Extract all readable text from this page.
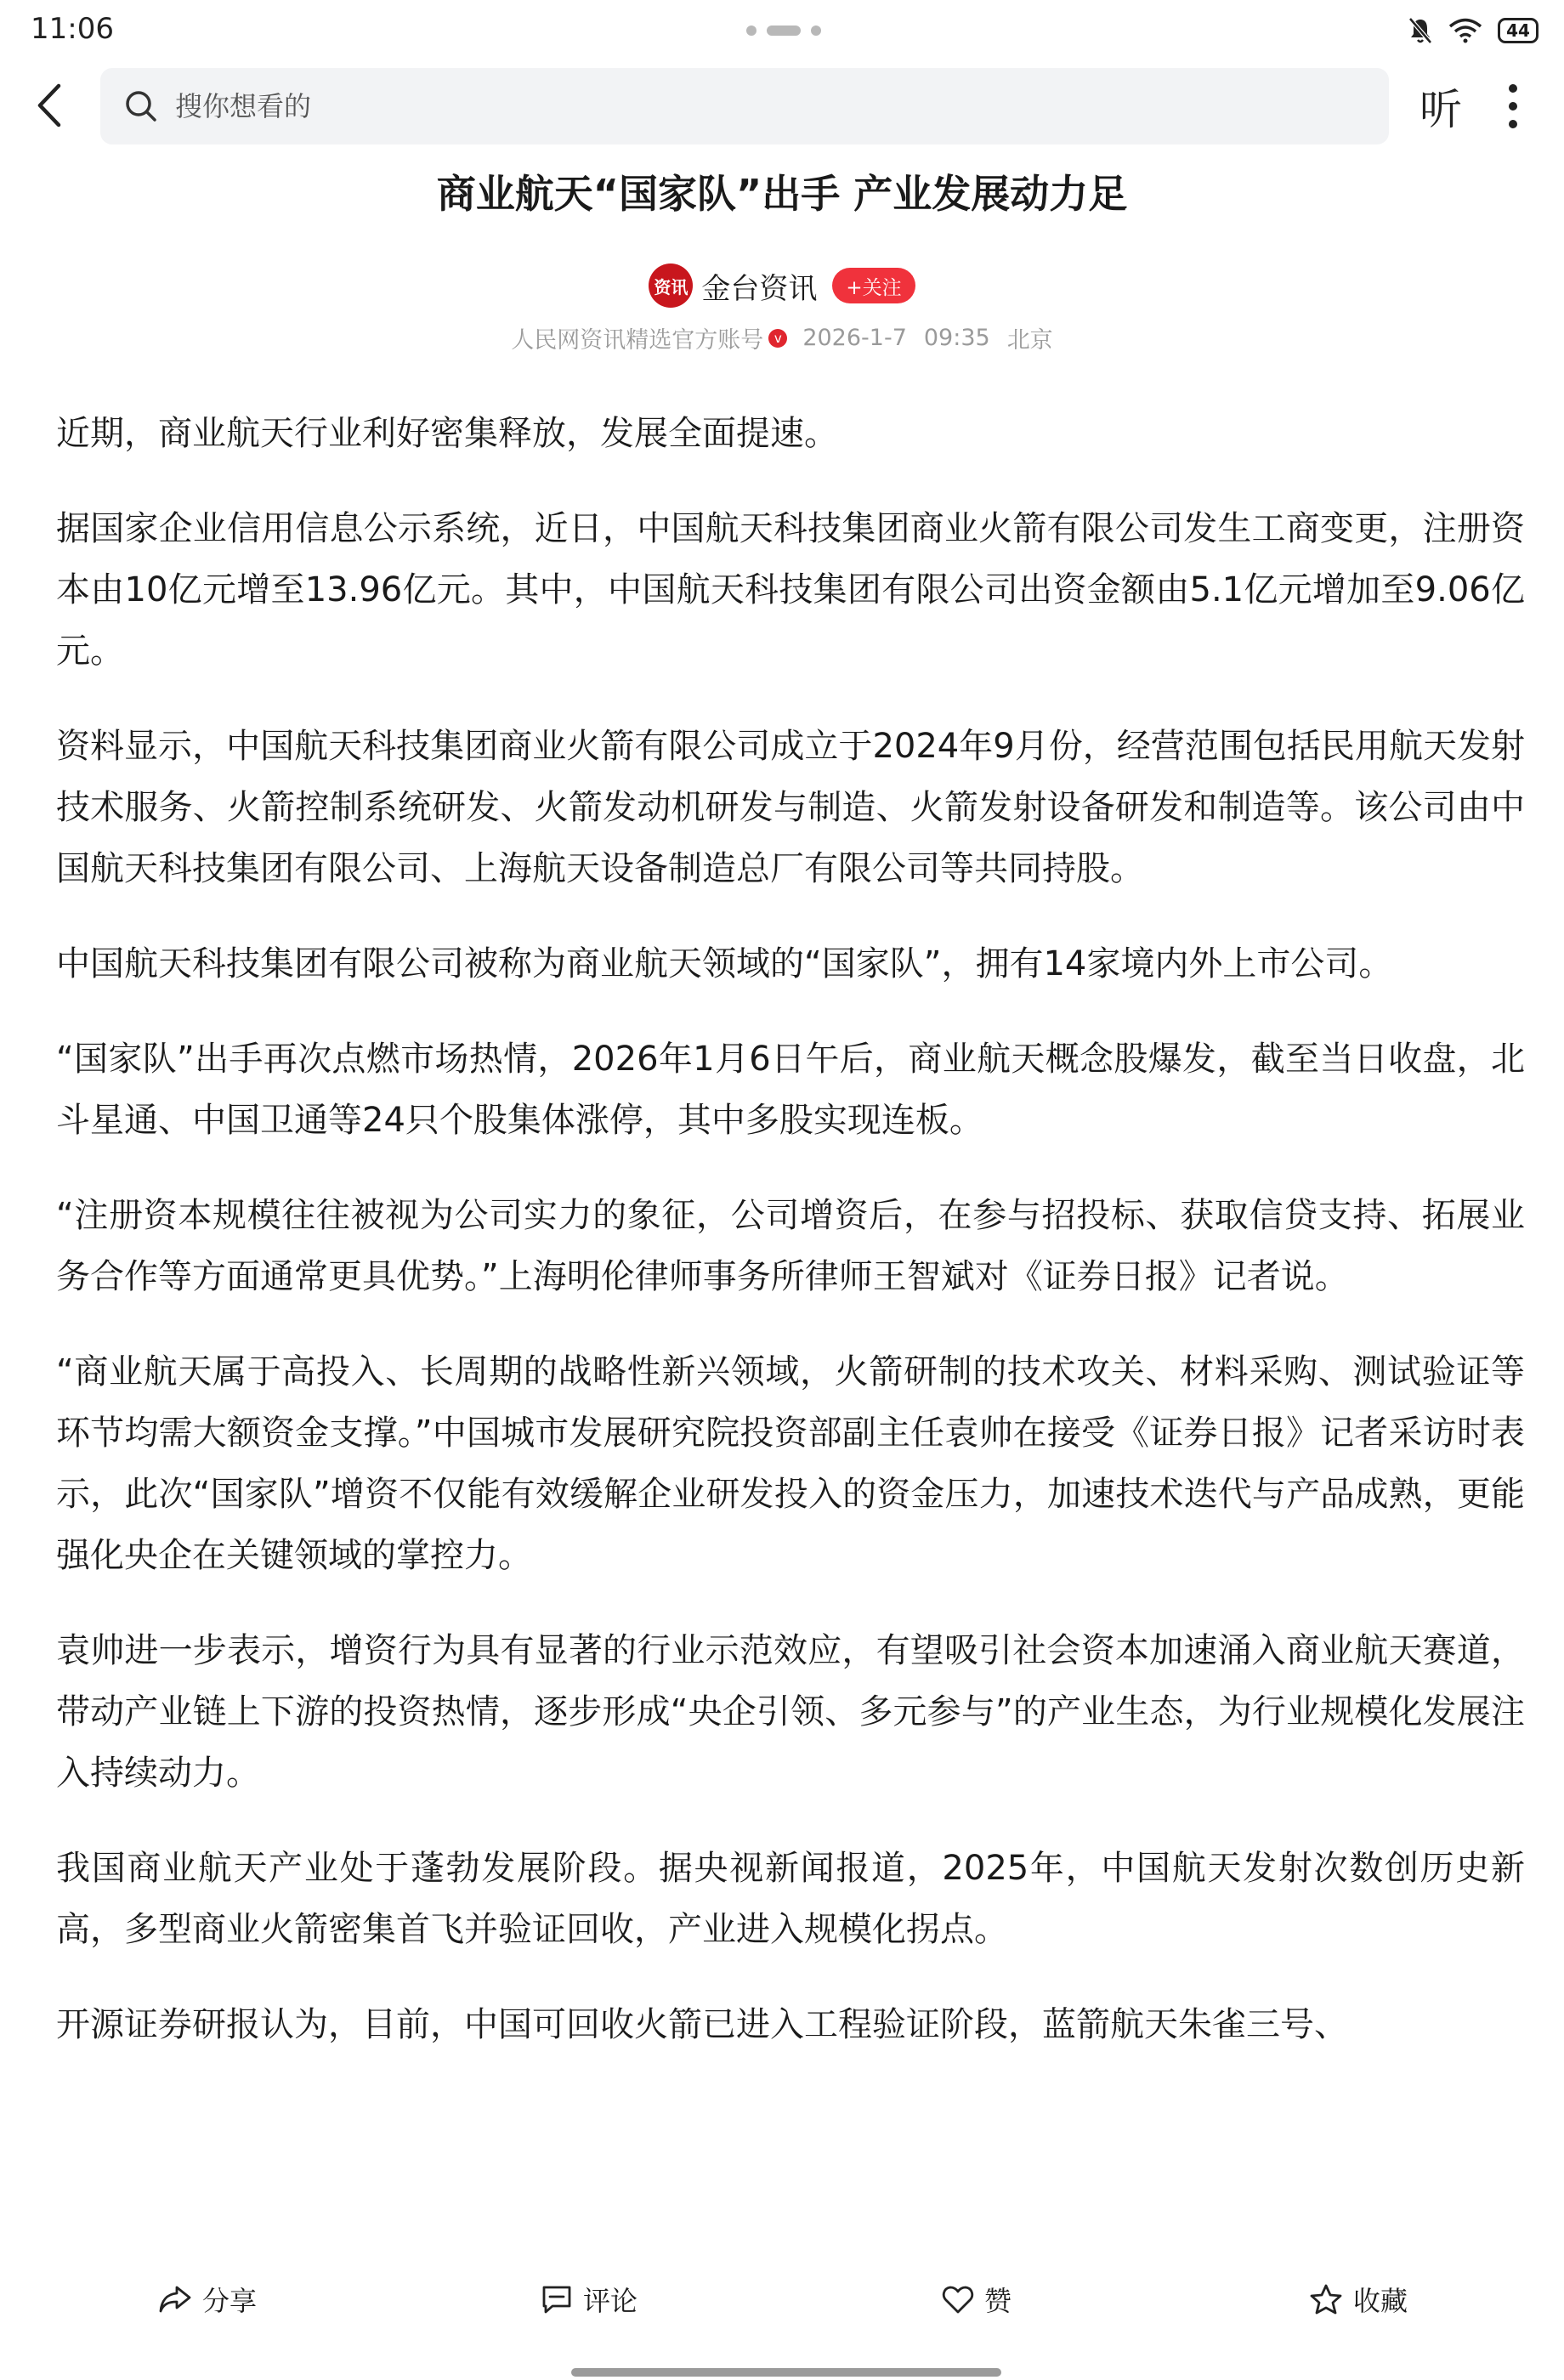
11:06	44
搜你想看的
听
商业航天“国家队”出手 产业发展动力足
资讯 金台资讯	+关注
人民网资讯精选官方账号 v 2026-1-7 09:35 北京

近期，商业航天行业利好密集释放，发展全面提速。

据国家企业信用信息公示系统，近日，中国航天科技集团商业火箭有限公司发生工商变更，注册资本由10亿元增至13.96亿元。其中，中国航天科技集团有限公司出资金额由5.1亿元增加至9.06亿元。

资料显示，中国航天科技集团商业火箭有限公司成立于2024年9月份，经营范围包括民用航天发射技术服务、火箭控制系统研发、火箭发动机研发与制造、火箭发射设备研发和制造等。该公司由中国航天科技集团有限公司、上海航天设备制造总厂有限公司等共同持股。

中国航天科技集团有限公司被称为商业航天领域的“国家队”，拥有14家境内外上市公司。

“国家队”出手再次点燃市场热情，2026年1月6日午后，商业航天概念股爆发，截至当日收盘，北斗星通、中国卫通等24只个股集体涨停，其中多股实现连板。

“注册资本规模往往被视为公司实力的象征，公司增资后，在参与招投标、获取信贷支持、拓展业务合作等方面通常更具优势。”上海明伦律师事务所律师王智斌对《证券日报》记者说。

“商业航天属于高投入、长周期的战略性新兴领域，火箭研制的技术攻关、材料采购、测试验证等环节均需大额资金支撑。”中国城市发展研究院投资部副主任袁帅在接受《证券日报》记者采访时表示，此次“国家队”增资不仅能有效缓解企业研发投入的资金压力，加速技术迭代与产品成熟，更能强化央企在关键领域的掌控力。

袁帅进一步表示，增资行为具有显著的行业示范效应，有望吸引社会资本加速涌入商业航天赛道，带动产业链上下游的投资热情，逐步形成“央企引领、多元参与”的产业生态，为行业规模化发展注入持续动力。

我国商业航天产业处于蓬勃发展阶段。据央视新闻报道，2025年，中国航天发射次数创历史新高，多型商业火箭密集首飞并验证回收，产业进入规模化拐点。

开源证券研报认为，目前，中国可回收火箭已进入工程验证阶段，蓝箭航天朱雀三号、

分享	评论	赞	收藏
